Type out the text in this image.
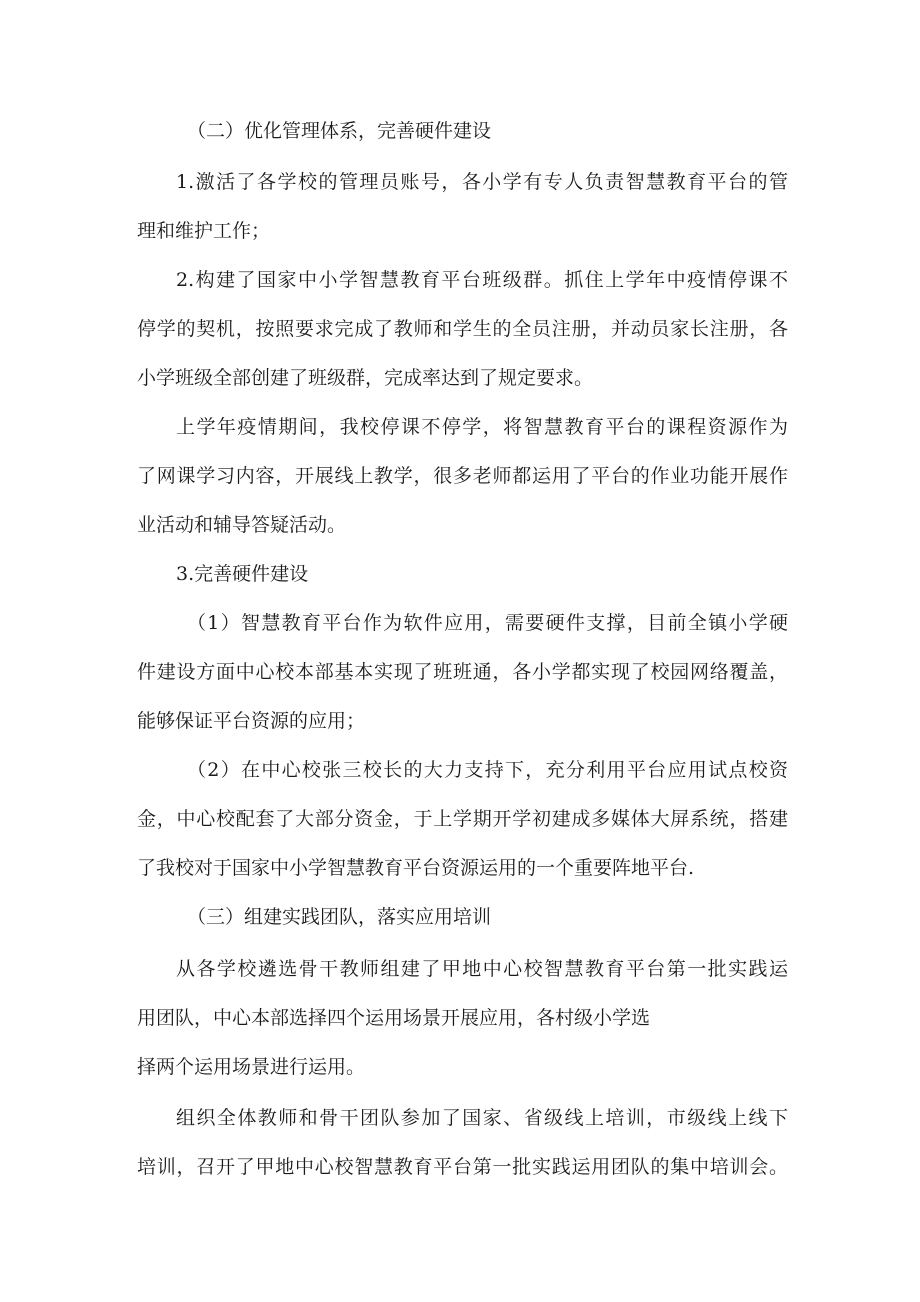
（二）优化管理体系，完善硬件建设
1.激活了各学校的管理员账号，各小学有专人负责智慧教育平台的管
理和维护工作；
2.构建了国家中小学智慧教育平台班级群。抓住上学年中疫情停课不
停学的契机，按照要求完成了教师和学生的全员注册，并动员家长注册，各
小学班级全部创建了班级群，完成率达到了规定要求。
上学年疫情期间，我校停课不停学，将智慧教育平台的课程资源作为
了网课学习内容，开展线上教学，很多老师都运用了平台的作业功能开展作
业活动和辅导答疑活动。
3.完善硬件建设
（1）智慧教育平台作为软件应用，需要硬件支撑，目前全镇小学硬
件建设方面中心校本部基本实现了班班通，各小学都实现了校园网络覆盖，
能够保证平台资源的应用；
（2）在中心校张三校长的大力支持下，充分利用平台应用试点校资
金，中心校配套了大部分资金，于上学期开学初建成多媒体大屏系统，搭建
了我校对于国家中小学智慧教育平台资源运用的一个重要阵地平台.
（三）组建实践团队，落实应用培训
从各学校遴选骨干教师组建了甲地中心校智慧教育平台第一批实践运
用团队，中心本部选择四个运用场景开展应用，各村级小学选
择两个运用场景进行运用。
组织全体教师和骨干团队参加了国家、省级线上培训，市级线上线下
培训，召开了甲地中心校智慧教育平台第一批实践运用团队的集中培训会。
